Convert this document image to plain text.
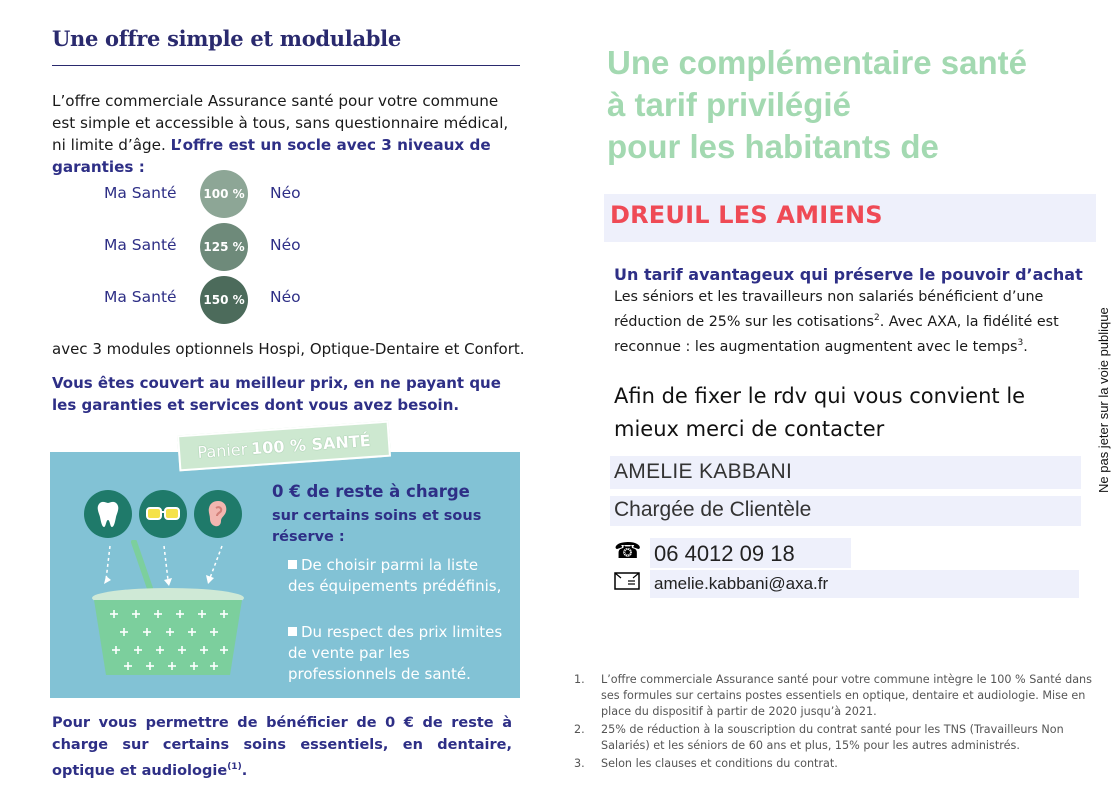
Une offre simple et modulable
L’offre commerciale Assurance santé pour votre commune est simple et accessible à tous, sans questionnaire médical, ni limite d’âge. L’offre est un socle avec 3 niveaux de garanties :
Ma Santé 100 % Néo
Ma Santé 125 % Néo
Ma Santé 150 % Néo
avec 3 modules optionnels Hospi, Optique-Dentaire et Confort.
Vous êtes couvert au meilleur prix, en ne payant que les garanties et services dont vous avez besoin.
Panier 100 % SANTÉ
0 € de reste à charge
sur certains soins et sous réserve :
De choisir parmi la liste des équipements prédéfinis,
Du respect des prix limites de vente par les professionnels de santé.
Pour vous permettre de bénéficier de 0 € de reste à charge sur certains soins essentiels, en dentaire, optique et audiologie$^{(1)}$.
Une complémentaire santé
à tarif privilégié
pour les habitants de
DREUIL LES AMIENS
Un tarif avantageux qui préserve le pouvoir d’achat
Les séniors et les travailleurs non salariés bénéficient d’une réduction de 25% sur les cotisations$^2$. Avec AXA, la fidélité est reconnue : les augmentation augmentent avec le temps$^3$.
Afin de fixer le rdv qui vous convient le mieux merci de contacter
AMELIE KABBANI
Chargée de Clientèle
☎ 06 4012 09 18
amelie.kabbani@axa.fr
Ne pas jeter sur la voie publique
1.	L’offre commerciale Assurance santé pour votre commune intègre le 100 % Santé dans ses formules sur certains postes essentiels en optique, dentaire et audiologie. Mise en place du dispositif à partir de 2020 jusqu’à 2021.
2.	25% de réduction à la souscription du contrat santé pour les TNS (Travailleurs Non Salariés) et les séniors de 60 ans et plus, 15% pour les autres administrés.
3.	Selon les clauses et conditions du contrat.
